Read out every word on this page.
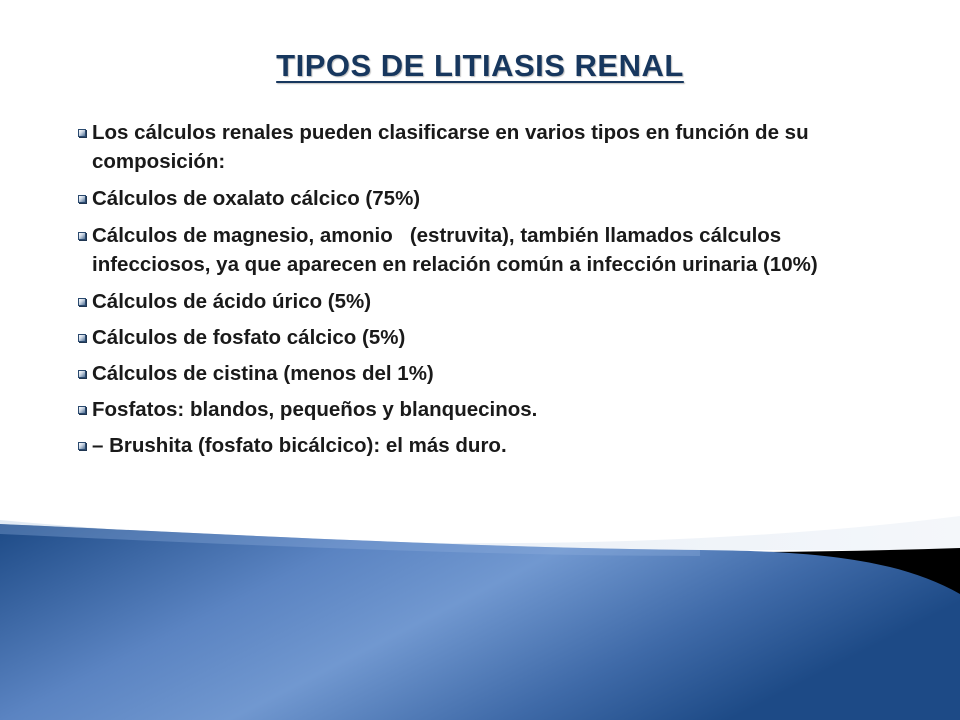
TIPOS DE LITIASIS RENAL
Los cálculos renales pueden clasificarse en varios tipos en función de su composición:
Cálculos de oxalato cálcico (75%)
Cálculos de magnesio, amonio   (estruvita), también llamados cálculos infecciosos, ya que aparecen en relación común a infección urinaria (10%)
Cálculos de ácido úrico (5%)
Cálculos de fosfato cálcico (5%)
Cálculos de cistina (menos del 1%)
Fosfatos: blandos, pequeños y blanquecinos.
– Brushita (fosfato bicálcico): el más duro.
